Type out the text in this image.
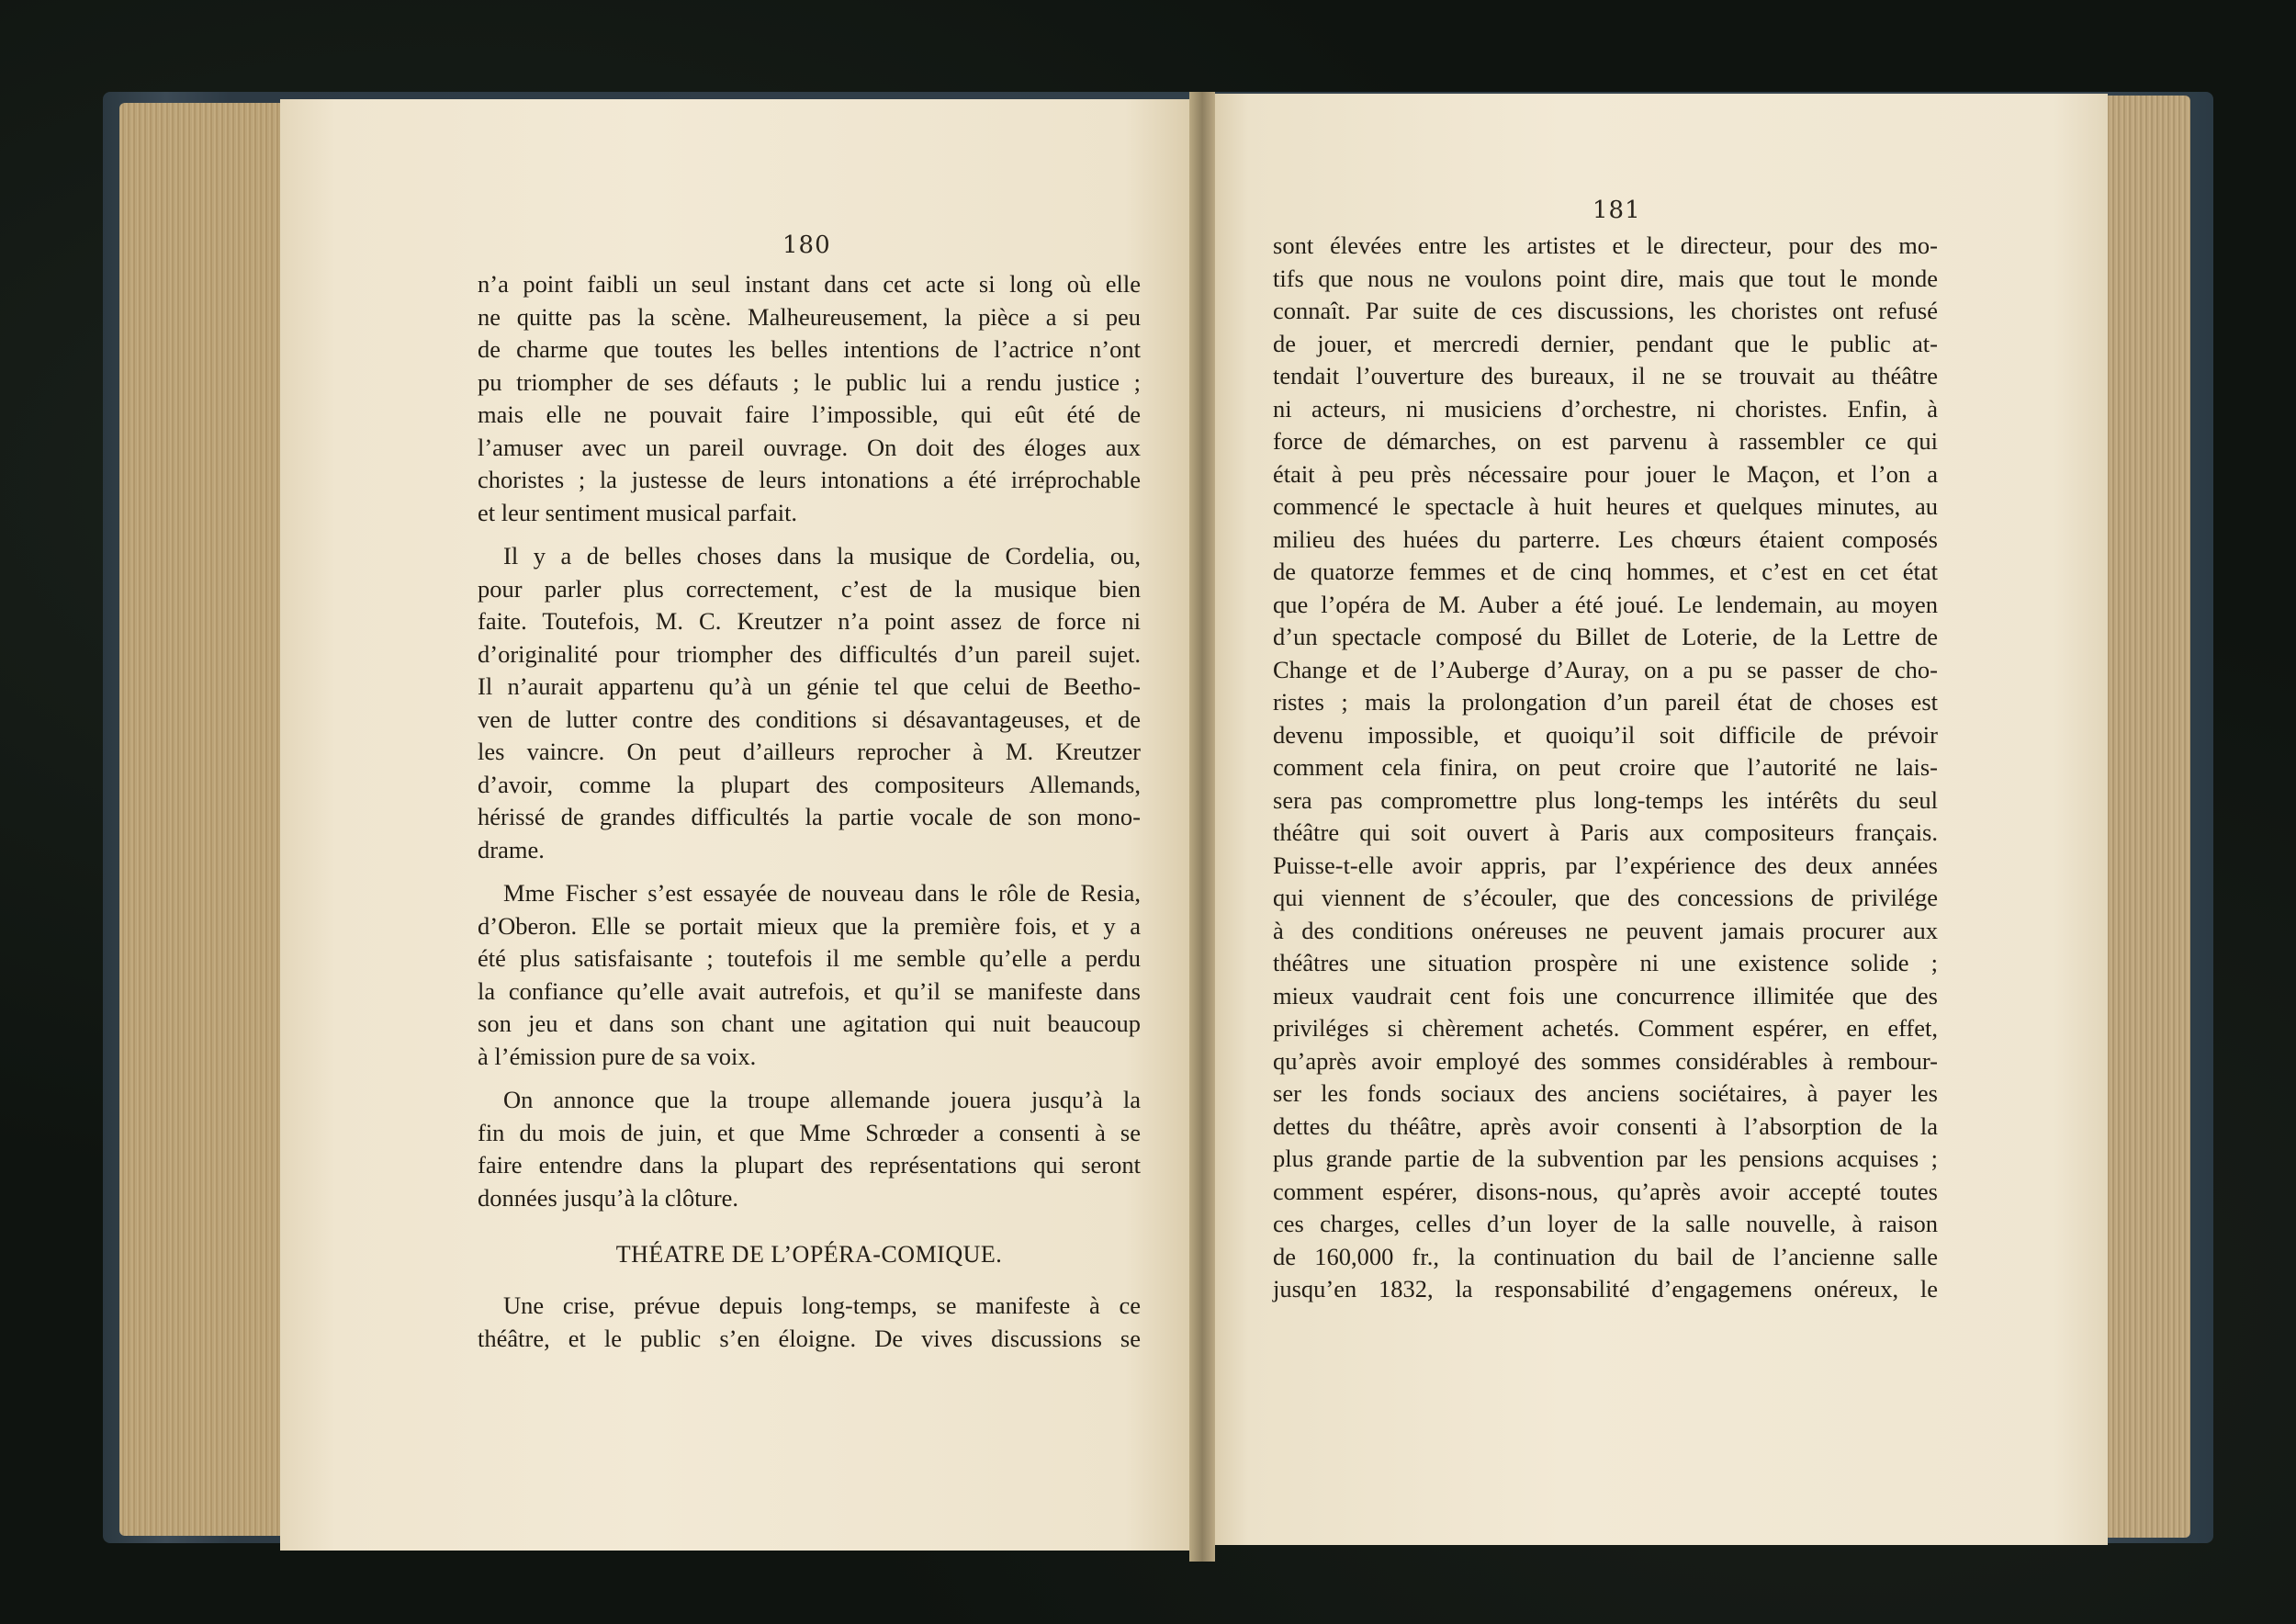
180
181
n’a point faibli un seul instant dans cet acte si long où elle
ne quitte pas la scène. Malheureusement, la pièce a si peu
de charme que toutes les belles intentions de l’actrice n’ont
pu triompher de ses défauts ; le public lui a rendu justice ;
mais elle ne pouvait faire l’impossible, qui eût été de
l’amuser avec un pareil ouvrage. On doit des éloges aux
choristes ; la justesse de leurs intonations a été irréprochable
et leur sentiment musical parfait.
Il y a de belles choses dans la musique de Cordelia, ou,
pour parler plus correctement, c’est de la musique bien
faite. Toutefois, M. C. Kreutzer n’a point assez de force ni
d’originalité pour triompher des difficultés d’un pareil sujet.
Il n’aurait appartenu qu’à un génie tel que celui de Beetho-
ven de lutter contre des conditions si désavantageuses, et de
les vaincre. On peut d’ailleurs reprocher à M. Kreutzer
d’avoir, comme la plupart des compositeurs Allemands,
hérissé de grandes difficultés la partie vocale de son mono-
drame.
Mme Fischer s’est essayée de nouveau dans le rôle de Resia,
d’Oberon. Elle se portait mieux que la première fois, et y a
été plus satisfaisante ; toutefois il me semble qu’elle a perdu
la confiance qu’elle avait autrefois, et qu’il se manifeste dans
son jeu et dans son chant une agitation qui nuit beaucoup
à l’émission pure de sa voix.
On annonce que la troupe allemande jouera jusqu’à la
fin du mois de juin, et que Mme Schrœder a consenti à se
faire entendre dans la plupart des représentations qui seront
données jusqu’à la clôture.
THÉATRE DE L’OPÉRA-COMIQUE.
Une crise, prévue depuis long-temps, se manifeste à ce
théâtre, et le public s’en éloigne. De vives discussions se
sont élevées entre les artistes et le directeur, pour des mo-
tifs que nous ne voulons point dire, mais que tout le monde
connaît. Par suite de ces discussions, les choristes ont refusé
de jouer, et mercredi dernier, pendant que le public at-
tendait l’ouverture des bureaux, il ne se trouvait au théâtre
ni acteurs, ni musiciens d’orchestre, ni choristes. Enfin, à
force de démarches, on est parvenu à rassembler ce qui
était à peu près nécessaire pour jouer le Maçon, et l’on a
commencé le spectacle à huit heures et quelques minutes, au
milieu des huées du parterre. Les chœurs étaient composés
de quatorze femmes et de cinq hommes, et c’est en cet état
que l’opéra de M. Auber a été joué. Le lendemain, au moyen
d’un spectacle composé du Billet de Loterie, de la Lettre de
Change et de l’Auberge d’Auray, on a pu se passer de cho-
ristes ; mais la prolongation d’un pareil état de choses est
devenu impossible, et quoiqu’il soit difficile de prévoir
comment cela finira, on peut croire que l’autorité ne lais-
sera pas compromettre plus long-temps les intérêts du seul
théâtre qui soit ouvert à Paris aux compositeurs français.
Puisse-t-elle avoir appris, par l’expérience des deux années
qui viennent de s’écouler, que des concessions de privilége
à des conditions onéreuses ne peuvent jamais procurer aux
théâtres une situation prospère ni une existence solide ;
mieux vaudrait cent fois une concurrence illimitée que des
priviléges si chèrement achetés. Comment espérer, en effet,
qu’après avoir employé des sommes considérables à rembour-
ser les fonds sociaux des anciens sociétaires, à payer les
dettes du théâtre, après avoir consenti à l’absorption de la
plus grande partie de la subvention par les pensions acquises ;
comment espérer, disons-nous, qu’après avoir accepté toutes
ces charges, celles d’un loyer de la salle nouvelle, à raison
de 160,000 fr., la continuation du bail de l’ancienne salle
jusqu’en 1832, la responsabilité d’engagemens onéreux, le
